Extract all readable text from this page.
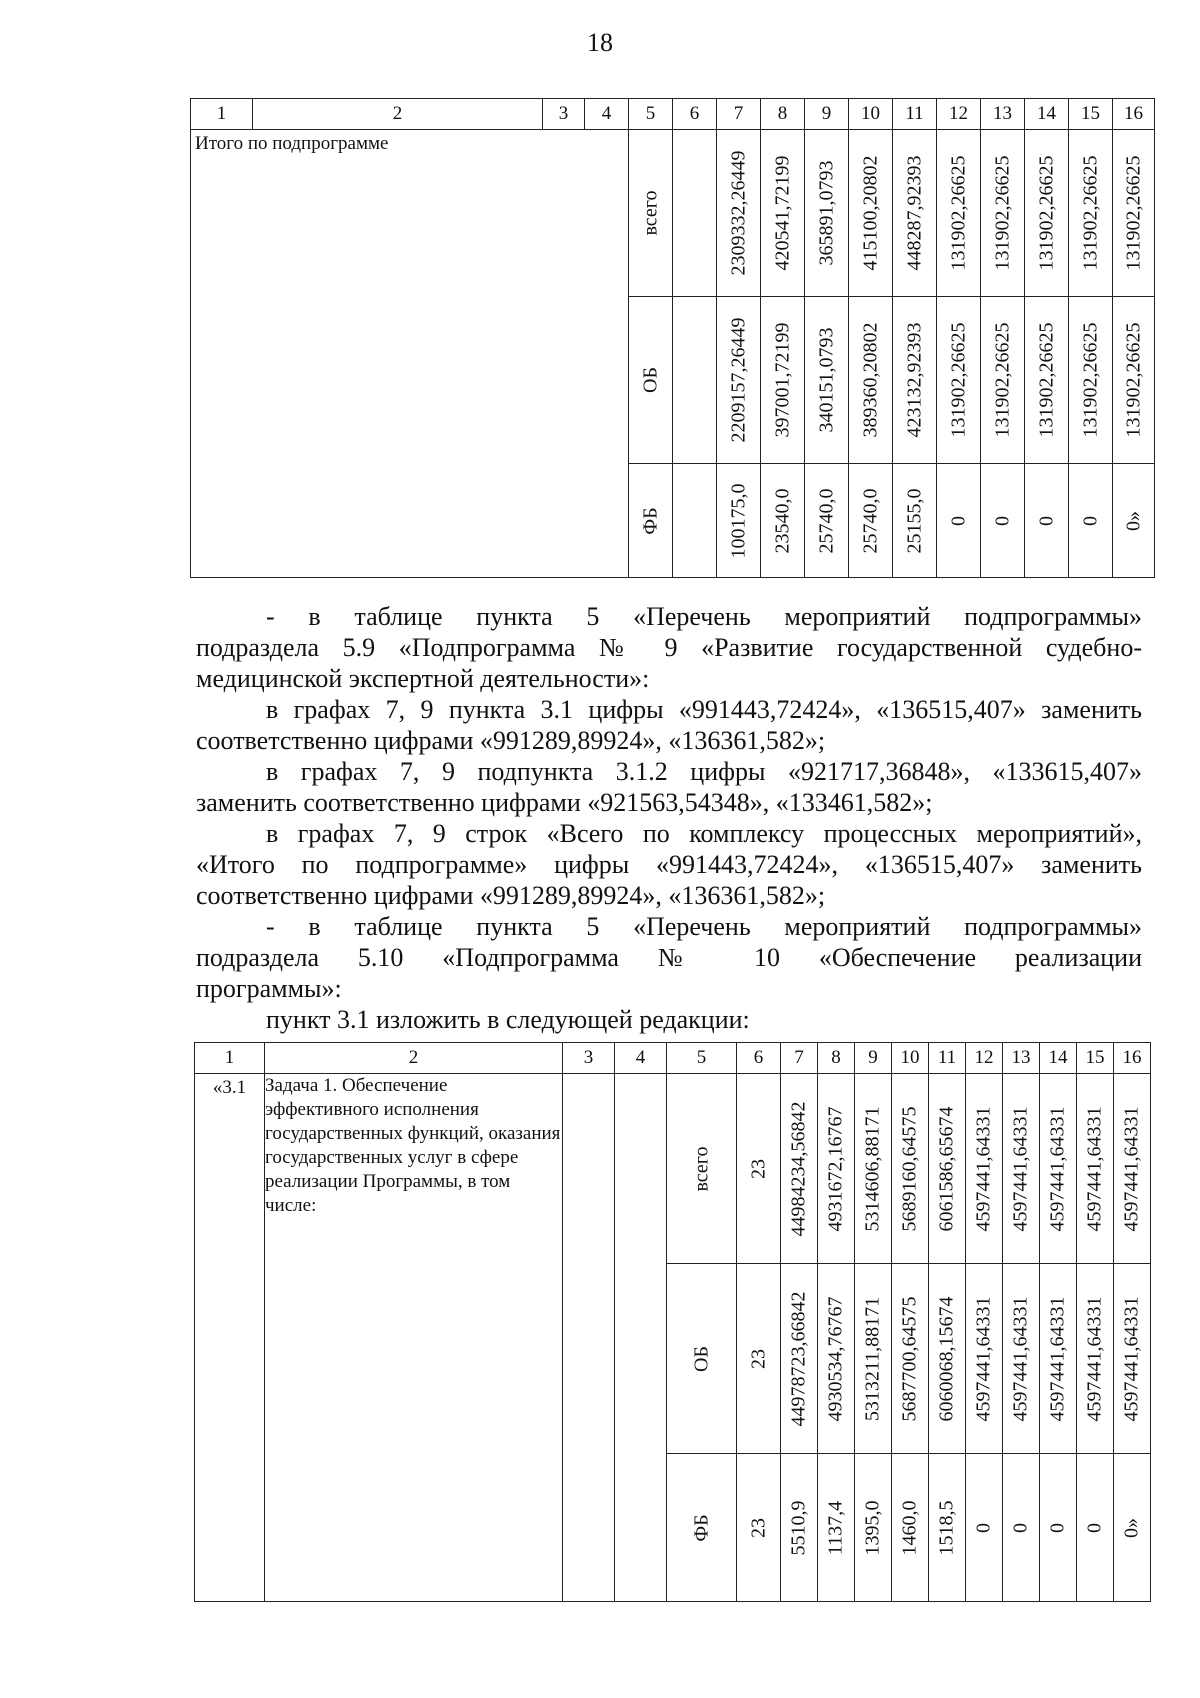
18
1	2	3	4	5	6	7	8	9	10	11	12	13	14	15	16
Итого по подпрограмме				всего		2309332,26449	420541,72199	365891,0793	415100,20802	448287,92393	131902,26625	131902,26625	131902,26625	131902,26625	131902,26625

				ОБ		2209157,26449	397001,72199	340151,0793	389360,20802	423132,92393	131902,26625	131902,26625	131902,26625	131902,26625	131902,26625

				ФБ		100175,0	23540,0	25740,0	25740,0	25155,0	0	0	0	0	0»
- в таблице пункта 5 «Перечень мероприятий подпрограммы»
подраздела 5.9 «Подпрограмма № 9 «Развитие государственной судебно-
медицинской экспертной деятельности»:
в графах 7, 9 пункта 3.1 цифры «991443,72424», «136515,407» заменить
соответственно цифрами «991289,89924», «136361,582»;
в графах 7, 9 подпункта 3.1.2 цифры «921717,36848», «133615,407»
заменить соответственно цифрами «921563,54348», «133461,582»;
в графах 7, 9 строк «Всего по комплексу процессных мероприятий»,
«Итого по подпрограмме» цифры «991443,72424», «136515,407» заменить
соответственно цифрами «991289,89924», «136361,582»;
- в таблице пункта 5 «Перечень мероприятий подпрограммы»
подраздела 5.10 «Подпрограмма № 10 «Обеспечение реализации
программы»:
пункт 3.1 изложить в следующей редакции:
1	2	3	4	5	6	7	8	9	10	11	12	13	14	15	16
«3.1	Задача 1. Обеспечение эффективного исполнения государственных функций, оказания государственных услуг в сфере реализации Программы, в том числе:			всего	23	44984234,56842	4931672,16767	5314606,88171	5689160,64575	6061586,65674	4597441,64331	4597441,64331	4597441,64331	4597441,64331	4597441,64331

				ОБ	23	44978723,66842	4930534,76767	5313211,88171	5687700,64575	6060068,15674	4597441,64331	4597441,64331	4597441,64331	4597441,64331	4597441,64331

				ФБ	23	5510,9	1137,4	1395,0	1460,0	1518,5	0	0	0	0	0»
